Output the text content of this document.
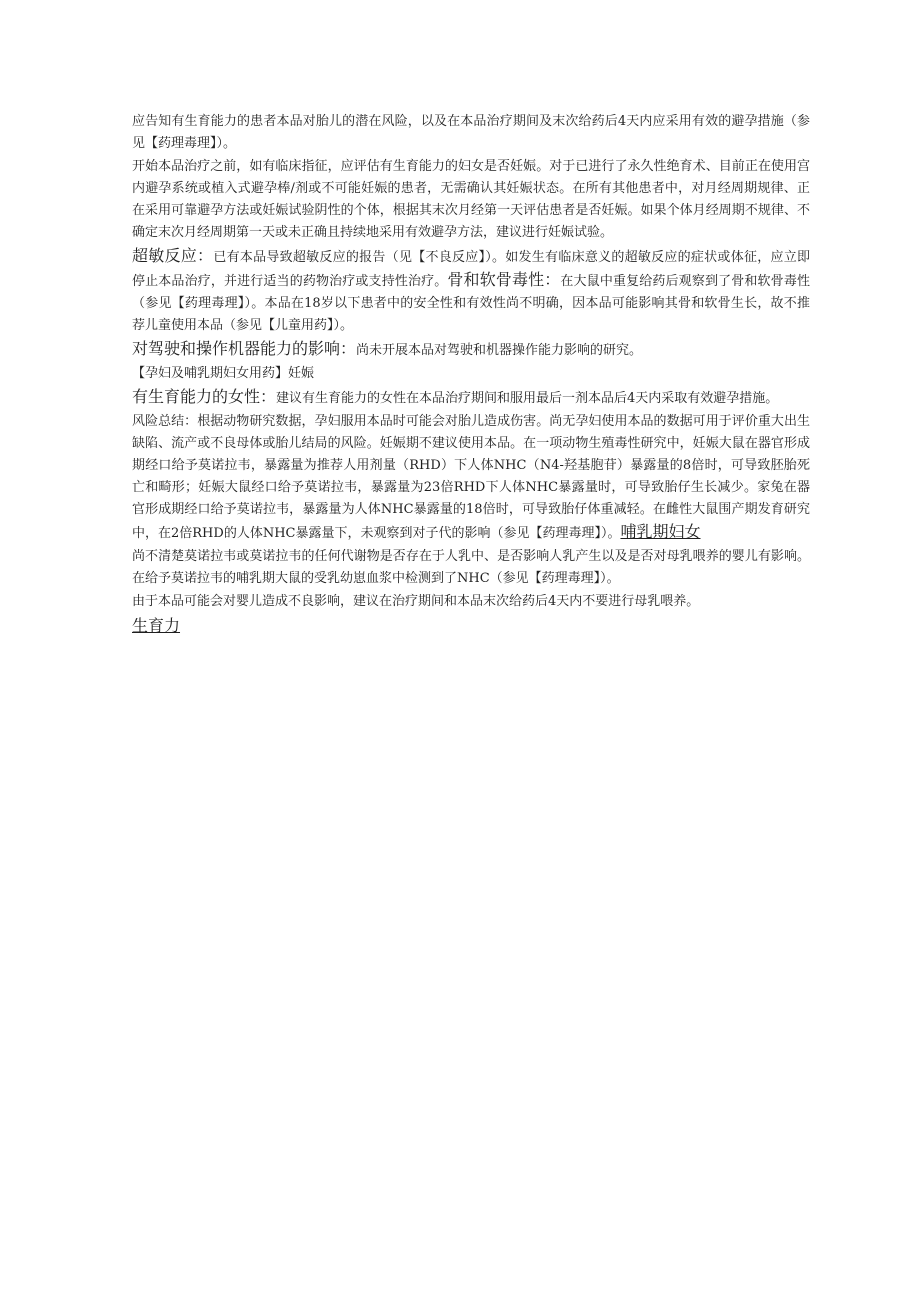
应告知有生育能力的患者本品对胎儿的潜在风险，以及在本品治疗期间及末次给药后4天内应采用有效的避孕措施（参见【药理毒理】）。

开始本品治疗之前，如有临床指征，应评估有生育能力的妇女是否妊娠。对于已进行了永久性绝育术、目前正在使用宫内避孕系统或植入式避孕棒/剂或不可能妊娠的患者，无需确认其妊娠状态。在所有其他患者中，对月经周期规律、正在采用可靠避孕方法或妊娠试验阴性的个体，根据其末次月经第一天评估患者是否妊娠。如果个体月经周期不规律、不确定末次月经周期第一天或未正确且持续地采用有效避孕方法，建议进行妊娠试验。

超敏反应：已有本品导致超敏反应的报告（见【不良反应】）。如发生有临床意义的超敏反应的症状或体征，应立即停止本品治疗，并进行适当的药物治疗或支持性治疗。骨和软骨毒性：在大鼠中重复给药后观察到了骨和软骨毒性（参见【药理毒理】）。本品在18岁以下患者中的安全性和有效性尚不明确，因本品可能影响其骨和软骨生长，故不推荐儿童使用本品（参见【儿童用药】）。

对驾驶和操作机器能力的影响：尚未开展本品对驾驶和机器操作能力影响的研究。

【孕妇及哺乳期妇女用药】妊娠

有生育能力的女性：建议有生育能力的女性在本品治疗期间和服用最后一剂本品后4天内采取有效避孕措施。

风险总结：根据动物研究数据，孕妇服用本品时可能会对胎儿造成伤害。尚无孕妇使用本品的数据可用于评价重大出生缺陷、流产或不良母体或胎儿结局的风险。妊娠期不建议使用本品。在一项动物生殖毒性研究中，妊娠大鼠在器官形成期经口给予莫诺拉韦，暴露量为推荐人用剂量（RHD）下人体NHC（N4-羟基胞苷）暴露量的8倍时，可导致胚胎死亡和畸形；妊娠大鼠经口给予莫诺拉韦，暴露量为23倍RHD下人体NHC暴露量时，可导致胎仔生长减少。家兔在器官形成期经口给予莫诺拉韦，暴露量为人体NHC暴露量的18倍时，可导致胎仔体重减轻。在雌性大鼠围产期发育研究中，在2倍RHD的人体NHC暴露量下，未观察到对子代的影响（参见【药理毒理】）。哺乳期妇女

尚不清楚莫诺拉韦或莫诺拉韦的任何代谢物是否存在于人乳中、是否影响人乳产生以及是否对母乳喂养的婴儿有影响。在给予莫诺拉韦的哺乳期大鼠的受乳幼崽血浆中检测到了NHC（参见【药理毒理】）。

由于本品可能会对婴儿造成不良影响，建议在治疗期间和本品末次给药后4天内不要进行母乳喂养。

生育力
